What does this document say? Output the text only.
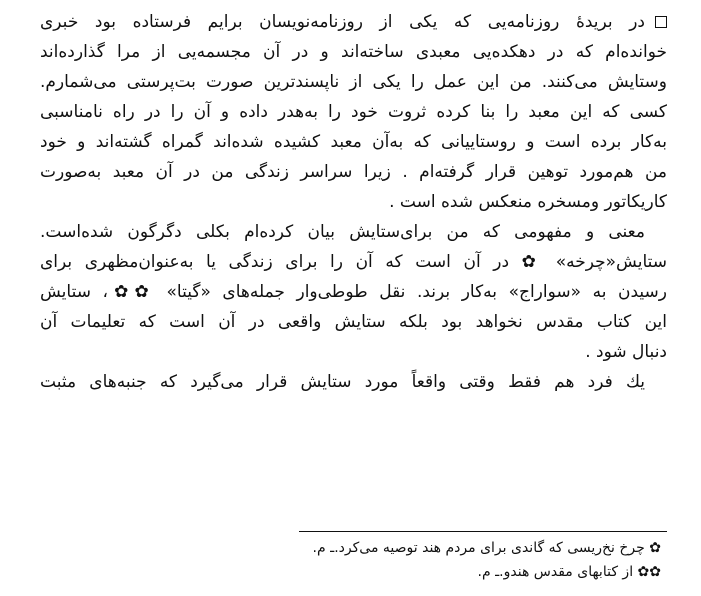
در بریدهٔ روزنامه‌یی که یکی از روزنامه‌نویسان برایم فرستاده بود خبری
خوانده‌ام که در دهکده‌یی معبدی ساخته‌اند و در آن مجسمه‌یی از مرا گذارده‌اند
وستایش می‌کنند. من این عمل را یکی از ناپسندترین صورت بت‌پرستی می‌شمارم.
کسی که این معبد را بنا کرده ثروت خود را به‌هدر داده و آن را در راه نامناسبی
به‌کار برده است و روستاییانی که به‌آن معبد کشیده شده‌اند گمراه گشته‌اند و خود
من هم‌مورد توهین قرار گرفته‌ام . زیرا سراسر زندگی من در آن معبد به‌صورت
کاریکاتور ومسخره منعکس شده است .
معنی و مفهومی که من برای‌ستایش بیان کرده‌ام بکلی دگرگون شده‌است.
ستایش«چرخه» ✿ در آن است که آن را برای زندگی یا به‌عنوان‌مظهری برای
رسیدن به «سواراج» به‌کار برند. نقل طوطی‌وار جمله‌های «گیتا» ✿✿، ستایش
این کتاب مقدس نخواهد بود بلکه ستایش واقعی در آن است که تعلیمات آن
دنبال شود .
یك فرد هم فقط وقتی واقعاً مورد ستایش قرار می‌گیرد که جنبه‌های مثبت
✿ چرخ نخ‌ریسی که گاندی برای مردم هند توصیه می‌کرد.ـ م.
✿✿ از کتابهای مقدس هندو.ـ م.
